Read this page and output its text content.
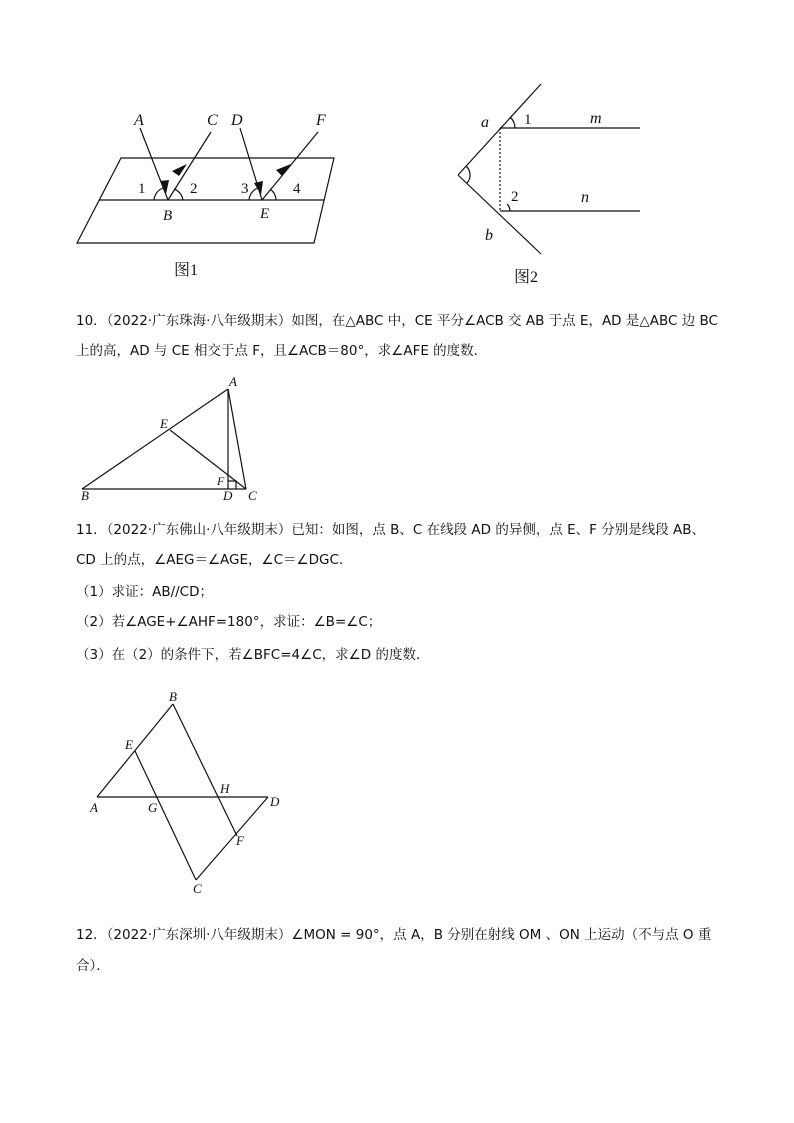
A	C D	F
B	E
1	2	3	4
图1
a
b
m
n
1
2
图2
10．（2022·广东珠海·八年级期末）如图，在△ABC 中，CE 平分∠ACB 交 AB 于点 E，AD 是△ABC 边 BC
上的高，AD 与 CE 相交于点 F，且∠ACB＝80°，求∠AFE 的度数．
A
E
F
B	D C
11．（2022·广东佛山·八年级期末）已知：如图，点 B、C 在线段 AD 的异侧，点 E、F 分别是线段 AB、
CD 上的点，∠AEG＝∠AGE，∠C＝∠DGC．
（1）求证：AB//CD；
（2）若∠AGE+∠AHF=180°，求证：∠B=∠C；
（3）在（2）的条件下，若∠BFC=4∠C，求∠D 的度数．
B
E
A	G
H
D
F
C
12．（2022·广东深圳·八年级期末）∠MON = 90°，点 A，B 分别在射线 OM 、ON 上运动（不与点 O 重
合）．
